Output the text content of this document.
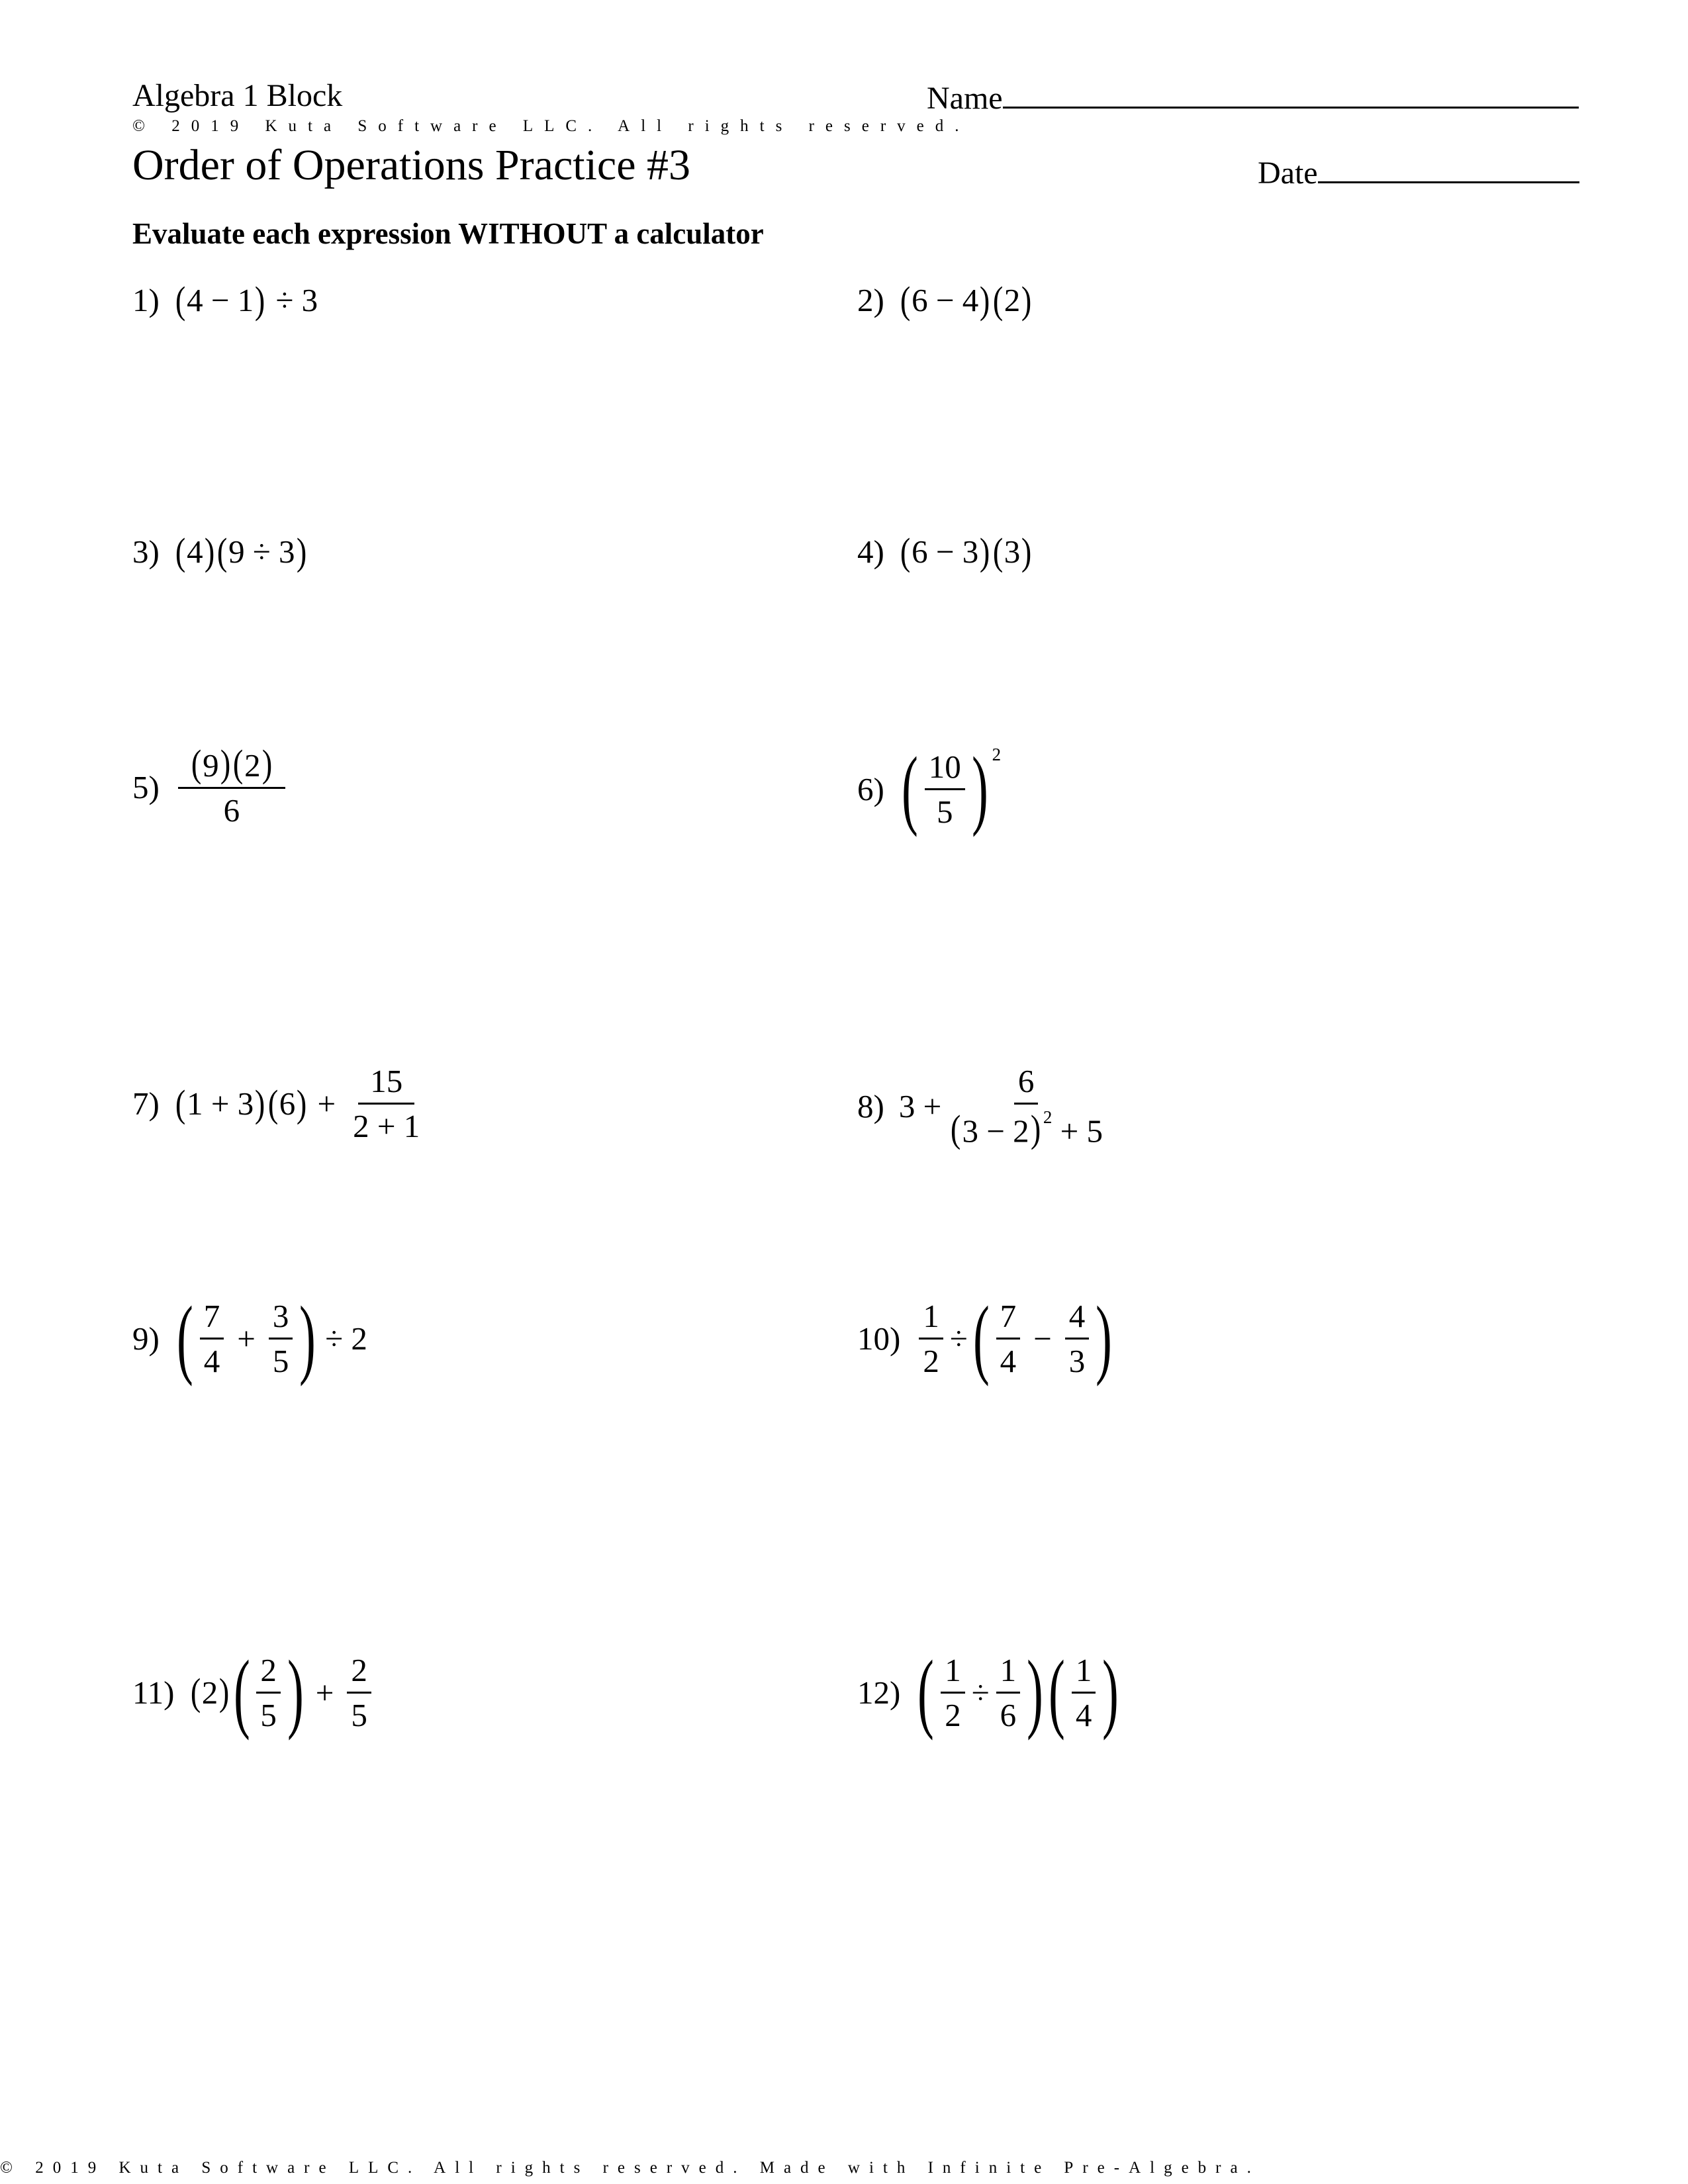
Algebra 1 Block	Name
© 2019 Kuta Software LLC. All rights reserved.
Order of Operations Practice #3	Date
Evaluate each expression WITHOUT a calculator
1) ( 4 − 1 ) ÷ 3	2) ( 6 − 4 ) ( 2 )
3) ( 4 ) ( 9 ÷ 3 )	4) ( 6 − 3 ) ( 3 )
$5) \frac{(9)(2)}{6}$	6) ( $\frac{10}{5} )^2$
7) ( 1 + 3 ) ( 6 ) + $\frac{15}{2 + 1}$	8) $3 + \frac{6}{(3 - 2) ^2 + 5}$
9) ( $\frac{7}{4} + \frac{3}{5}$ ) ÷ 2	$10) \frac{1}{2}$ ÷ ( $\frac{7}{4} - \frac{4}{3}$ )
11) ( 2 ) ( $\frac{2}{5}$ ) + $\frac{2}{5}$	12) ( $\frac{1}{2} \div \frac{1}{6}$ ) ( $\frac{1}{4}$ )
© 2019 Kuta Software LLC. All rights reserved. Made with Infinite Pre-Algebra.
